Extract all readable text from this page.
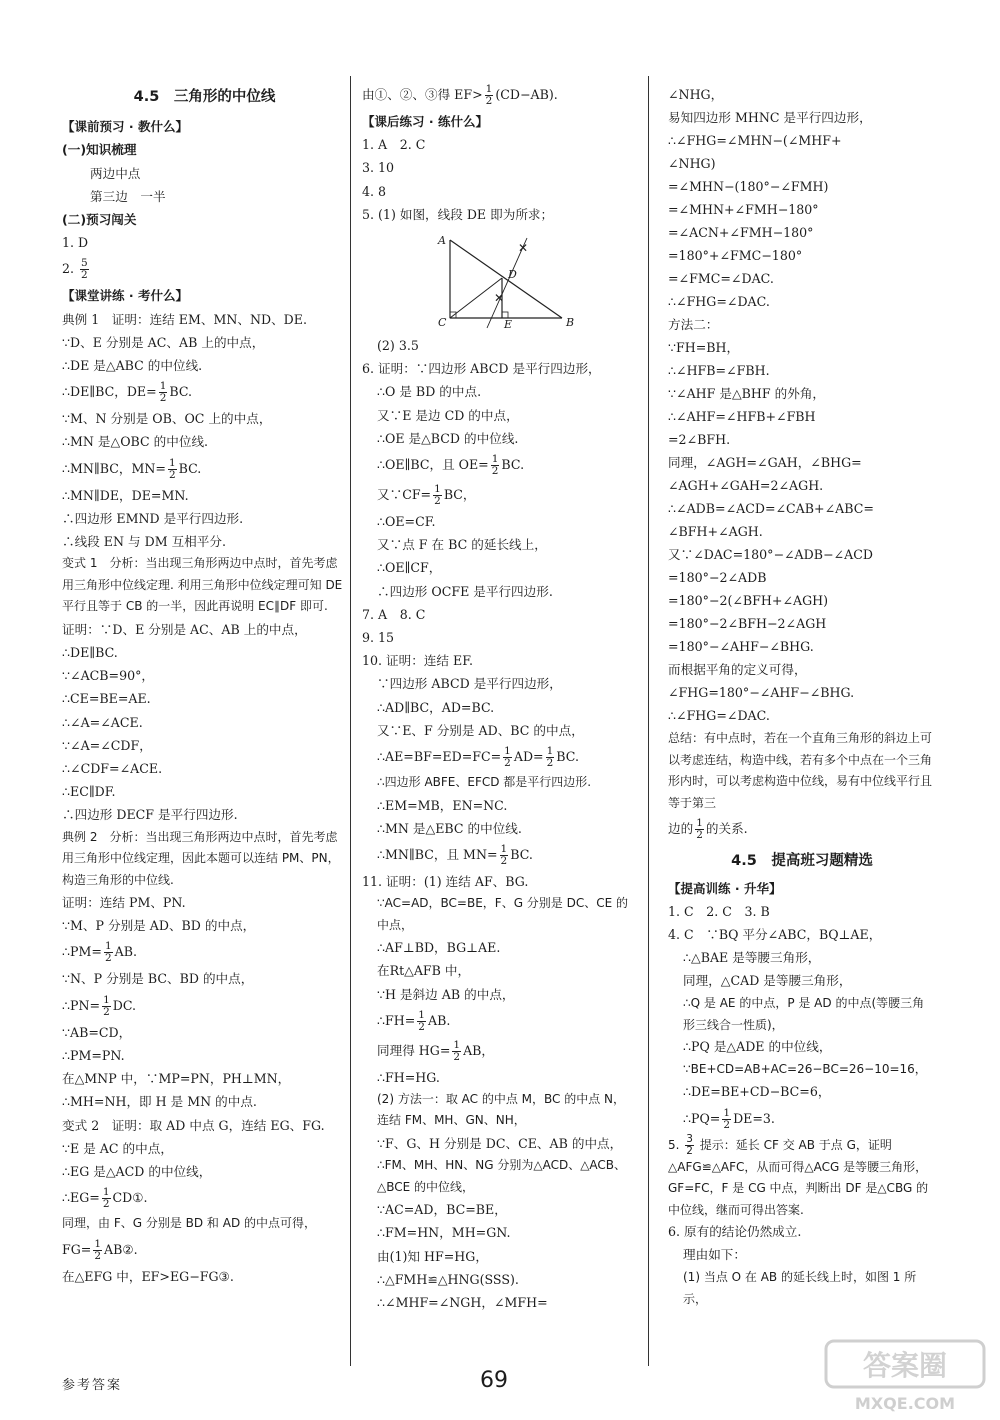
4.5　三角形的中位线
【课前预习 · 教什么】
(一)知识梳理
两边中点
第三边　一半
(二)预习闯关
1. D
2. $\frac{5}{2}$
【课堂讲练 · 考什么】
典例 1　证明：连结 EM、MN、ND、DE.
∵D、E 分别是 AC、AB 上的中点，
∴DE 是△ABC 的中位线.
∴DE∥BC，$DE= \frac{1}{2}$ BC.
∵M、N 分别是 OB、OC 上的中点，
∴MN 是△OBC 的中位线.
∴MN∥BC，$MN= \frac{1}{2}$ BC.
∴MN∥DE，DE=MN.
∴四边形 EMND 是平行四边形.
∴线段 EN 与 DM 互相平分.
变式 1　分析：当出现三角形两边中点时，首先考虑用三角形中位线定理. 利用三角形中位线定理可知 DE 平行且等于 CB 的一半，因此再说明 EC∥DF 即可.
证明：∵D、E 分别是 AC、AB 上的中点，
∴DE∥BC.
∵∠ACB=90°，
∴CE=BE=AE.
∴∠A=∠ACE.
∵∠A=∠CDF，
∴∠CDF=∠ACE.
∴EC∥DF.
∴四边形 DECF 是平行四边形.
典例 2　分析：当出现三角形两边中点时，首先考虑用三角形中位线定理，因此本题可以连结 PM、PN，构造三角形的中位线.
证明：连结 PM、PN.
∵M、P 分别是 AD、BD 的中点，
∴PM= $\frac{1}{2}$ AB.
∵N、P 分别是 BC、BD 的中点，
∴PN= $\frac{1}{2}$ DC.
∵AB=CD，
∴PM=PN.
在△MNP 中，∵MP=PN，PH⊥MN，
∴MH=NH，即 H 是 MN 的中点.
变式 2　证明：取 AD 中点 G，连结 EG、FG.
∵E 是 AC 的中点，
∴EG 是△ACD 的中位线，
∴EG= $\frac{1}{2}$ CD①.
同理，由 F、G 分别是 BD 和 AD 的中点可得，
$FG= \frac{1}{2}$ AB②.
在△EFG 中，EF>EG−FG③.
由①、②、③得 $EF> \frac{1}{2} (CD-AB)$.
【课后练习 · 练什么】
1. A　2. C
3. 10
4. 8
5. (1) 如图，线段 DE 即为所求；
✕
✕
A
B
C
D
E
(2) 3.5
6. 证明：∵四边形 ABCD 是平行四边形，
∴O 是 BD 的中点.
又∵E 是边 CD 的中点，
∴OE 是△BCD 的中位线.
∴OE∥BC，且 $OE= \frac{1}{2}$ BC.
又∵CF= $\frac{1}{2}$ BC，
∴OE=CF.
又∵点 F 在 BC 的延长线上，
∴OE∥CF，
∴四边形 OCFE 是平行四边形.
7. A　8. C
9. 15
10. 证明：连结 EF.
∵四边形 ABCD 是平行四边形，
∴AD∥BC，AD=BC.
又∵E、F 分别是 AD、BC 的中点，
∴AE=BF=ED=FC= $\frac{1}{2} AD= \frac{1}{2}$ BC.
∴四边形 ABFE、EFCD 都是平行四边形.
∴EM=MB，EN=NC.
∴MN 是△EBC 的中位线.
∴MN∥BC，且 $MN= \frac{1}{2}$ BC.
11. 证明：(1) 连结 AF、BG.
∵AC=AD，BC=BE，F、G 分别是 DC、CE 的中点，
∴AF⊥BD，BG⊥AE.
在Rt△AFB 中，
∵H 是斜边 AB 的中点，
∴FH= $\frac{1}{2}$ AB.
同理得 $HG= \frac{1}{2}$ AB，
∴FH=HG.
(2) 方法一：取 AC 的中点 M，BC 的中点 N，连结 FM、MH、GN、NH，
∵F、G、H 分别是 DC、CE、AB 的中点，
∴FM、MH、HN、NG 分别为△ACD、△ACB、△BCE 的中位线，
∵AC=AD，BC=BE，
∴FM=HN，MH=GN.
由(1)知 HF=HG，
∴△FMH≌△HNG(SSS).
∴∠MHF=∠NGH，∠MFH=
∠NHG，
易知四边形 MHNC 是平行四边形，
∴∠FHG=∠MHN−(∠MHF+
∠NHG)
=∠MHN−(180°−∠FMH)
=∠MHN+∠FMH−180°
=∠ACN+∠FMH−180°
=180°+∠FMC−180°
=∠FMC=∠DAC.
∴∠FHG=∠DAC.
方法二：
∵FH=BH，
∴∠HFB=∠FBH.
∵∠AHF 是△BHF 的外角，
∴∠AHF=∠HFB+∠FBH
=2∠BFH.
同理，∠AGH=∠GAH，∠BHG=
∠AGH+∠GAH=2∠AGH.
∴∠ADB=∠ACD=∠CAB+∠ABC=
∠BFH+∠AGH.
又∵∠DAC=180°−∠ADB−∠ACD
=180°−2∠ADB
=180°−2(∠BFH+∠AGH)
=180°−2∠BFH−2∠AGH
=180°−∠AHF−∠BHG.
而根据平角的定义可得，
∠FHG=180°−∠AHF−∠BHG.
∴∠FHG=∠DAC.
总结：有中点时，若在一个直角三角形的斜边上可以考虑连结，构造中线，若有多个中点在一个三角形内时，可以考虑构造中位线，易有中位线平行且等于第三
边的 $\frac{1}{2}$ 的关系.
4.5　提高班习题精选
【提高训练 · 升华】
1. C　2. C　3. B
4. C　∵BQ 平分∠ABC，BQ⊥AE，
∴△BAE 是等腰三角形，
同理，△CAD 是等腰三角形，
∴Q 是 AE 的中点，P 是 AD 的中点(等腰三角形三线合一性质)，
∴PQ 是△ADE 的中位线，
∵BE+CD=AB+AC=26−BC=26−10=16，
∴DE=BE+CD−BC=6，
∴PQ= $\frac{1}{2} DE=3$.
5. $\frac{3}{2}$ 提示：延长 CF 交 AB 于点 G，证明△AFG≌△AFC，从而可得△ACG 是等腰三角形，GF=FC，F 是 CG 中点，判断出 DF 是△CBG 的中位线，继而可得出答案.
6. 原有的结论仍然成立.
理由如下：
(1) 当点 O 在 AB 的延长线上时，如图 1 所示，
参考答案	69	答案圈
MXQE.COM
